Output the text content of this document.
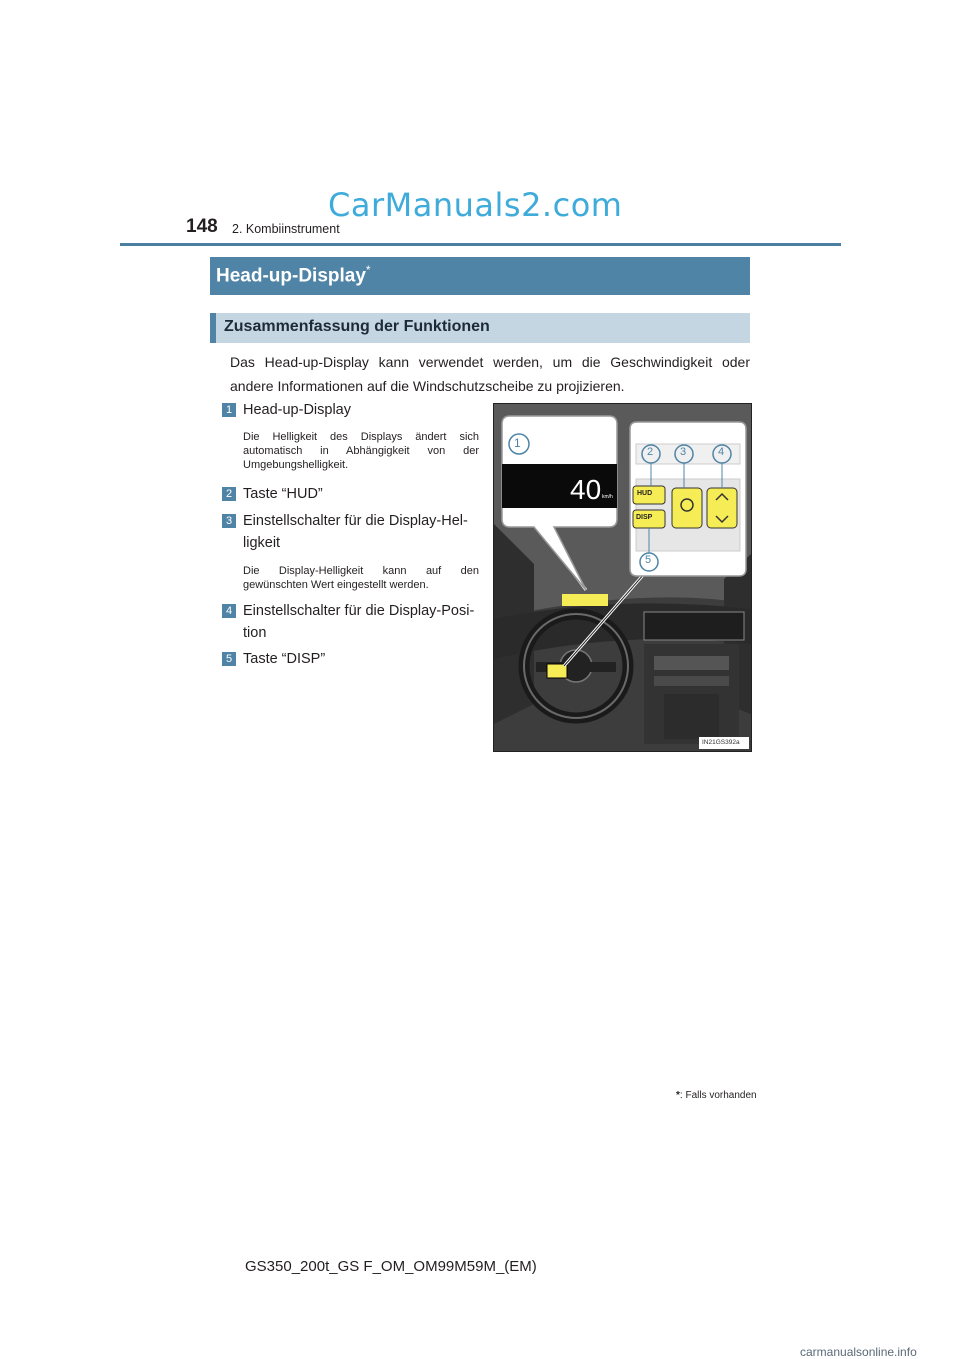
148 2. Kombiinstrument
CarManuals2.com
Head-up-Display*
Zusammenfassung der Funktionen
Das Head-up-Display kann verwendet werden, um die Geschwindigkeit oder andere Informationen auf die Windschutzscheibe zu projizieren.
1 Head-up-Display
Die Helligkeit des Displays ändert sich automatisch in Abhängigkeit von der Umgebungshelligkeit.
2 Taste “HUD”
3 Einstellschalter für die Display-Hel-
ligkeit
Die Display-Helligkeit kann auf den gewünschten Wert eingestellt werden.
4 Einstellschalter für die Display-Posi-
tion
5 Taste “DISP”
40 km/h
1
2 3	4
5
HUD
DISP
IN21GS392a
*: Falls vorhanden
GS350_200t_GS F_OM_OM99M59M_(EM)
carmanualsonline.info
